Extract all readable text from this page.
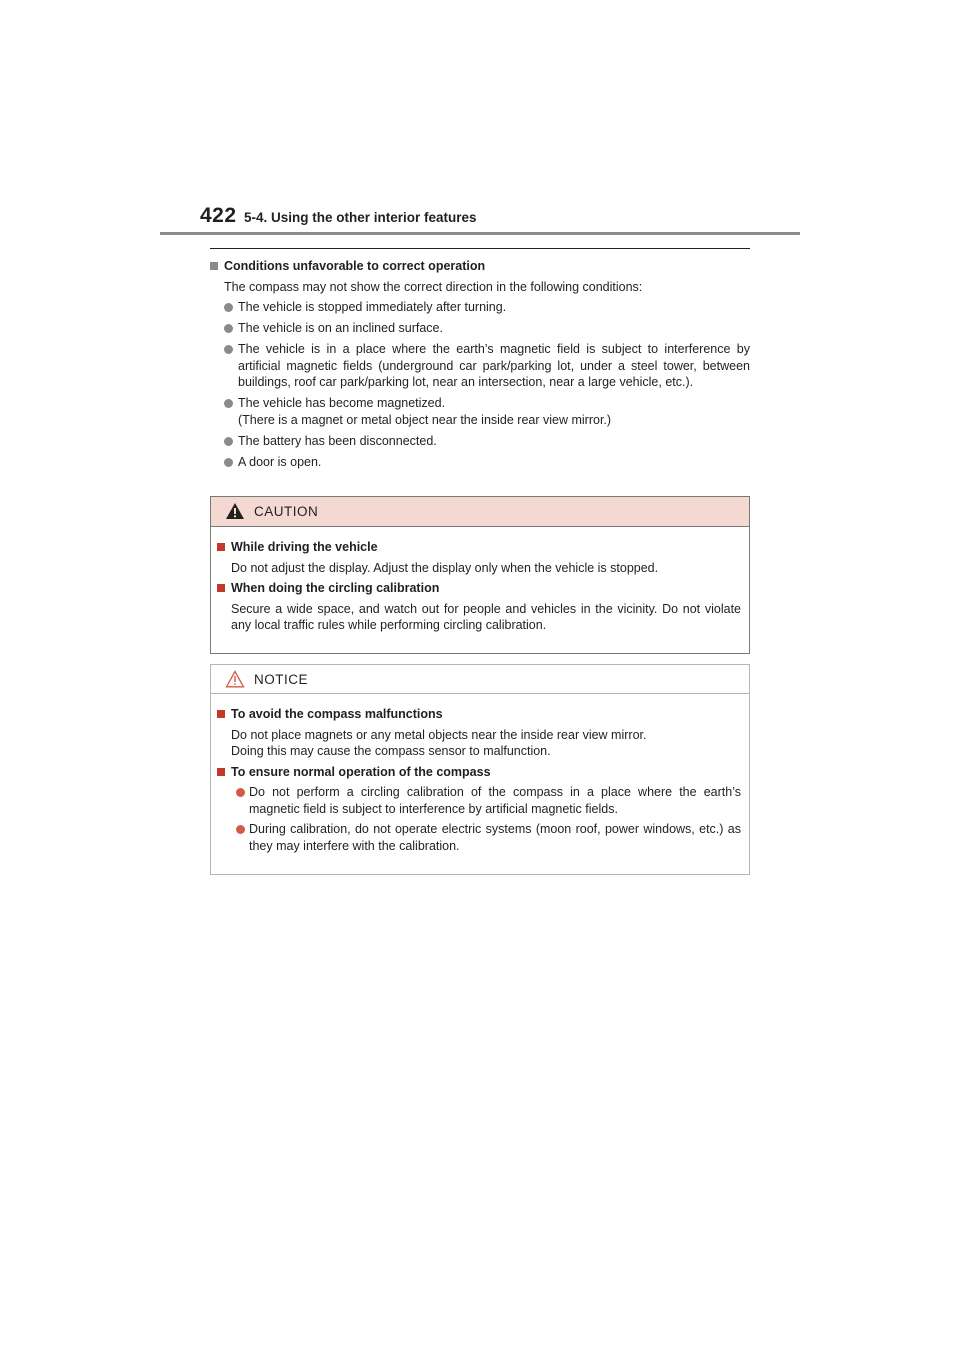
422 5-4. Using the other interior features
Conditions unfavorable to correct operation
The compass may not show the correct direction in the following conditions:
The vehicle is stopped immediately after turning.
The vehicle is on an inclined surface.
The vehicle is in a place where the earth’s magnetic field is subject to interference by artificial magnetic fields (underground car park/parking lot, under a steel tower, between buildings, roof car park/parking lot, near an intersection, near a large vehicle, etc.).
The vehicle has become magnetized.
(There is a magnet or metal object near the inside rear view mirror.)
The battery has been disconnected.
A door is open.
CAUTION
While driving the vehicle
Do not adjust the display. Adjust the display only when the vehicle is stopped.
When doing the circling calibration
Secure a wide space, and watch out for people and vehicles in the vicinity. Do not violate any local traffic rules while performing circling calibration.
NOTICE
To avoid the compass malfunctions
Do not place magnets or any metal objects near the inside rear view mirror.
Doing this may cause the compass sensor to malfunction.
To ensure normal operation of the compass
Do not perform a circling calibration of the compass in a place where the earth’s magnetic field is subject to interference by artificial magnetic fields.
During calibration, do not operate electric systems (moon roof, power windows, etc.) as they may interfere with the calibration.
